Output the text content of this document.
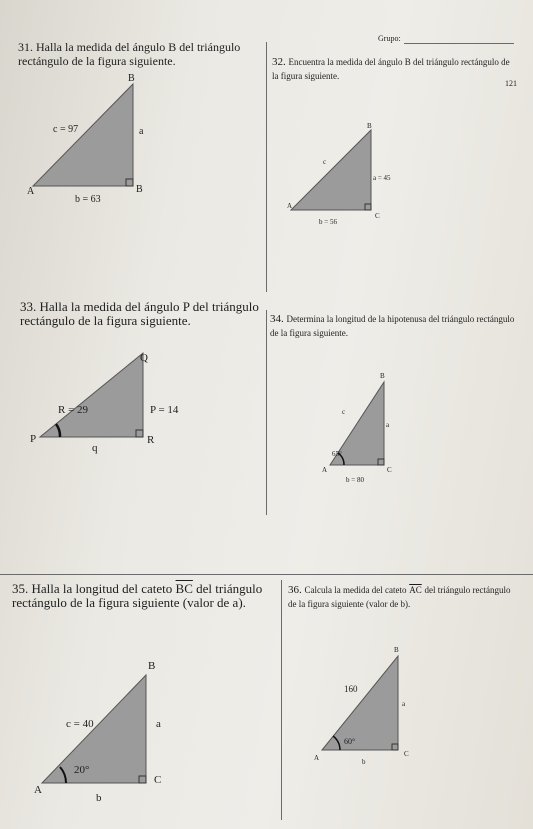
Grupo:
121
31. Halla la medida del ángulo B del triángulo rectángulo de la figura siguiente.
B
A	B
c = 97	a
b = 63
32. Encuentra la medida del ángulo B del triángulo rectángulo de la figura siguiente.
B
A
C
c
a = 45
b = 56
33. Halla la medida del ángulo P del triángulo rectángulo de la figura siguiente.
Q
P	R
R = 29	P = 14
q
34. Determina la longitud de la hipotenusa del triángulo rectángulo de la figura siguiente.
B
A	C
c
a
b = 80
65°
35. Halla la longitud del cateto $\overline{BC}$ del triángulo rectángulo de la figura siguiente (valor de a).
B
A
C
c = 40	a
b
20°
36. Calcula la medida del cateto $\overline{AC}$ del triángulo rectángulo de la figura siguiente (valor de b).
B
A	C
160
a
b
60°
